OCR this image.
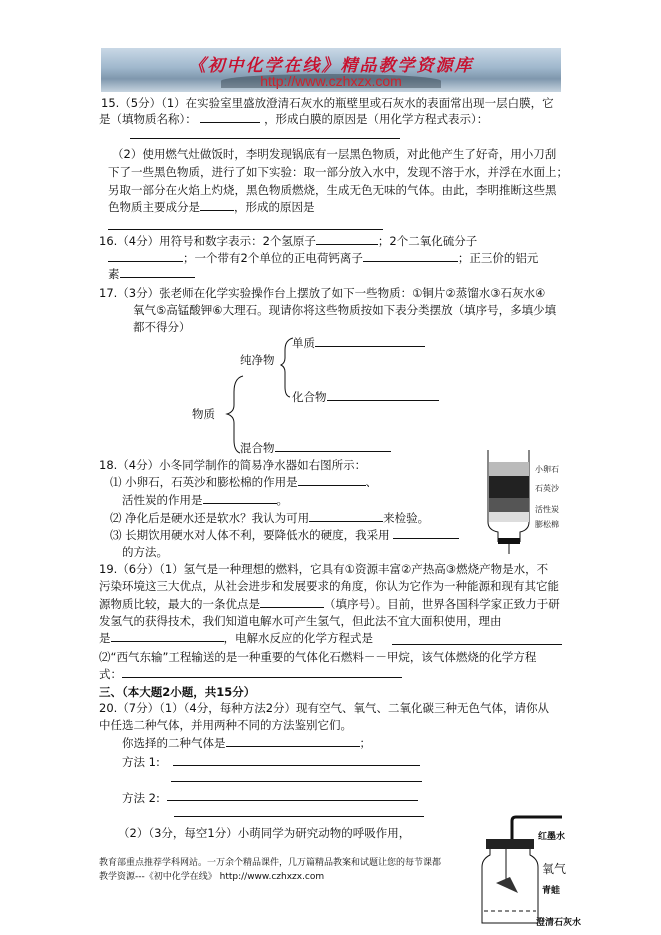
《初中化学在线》精品教学资源库
http://www.czhxzx.com
15.（5分）（1）在实验室里盛放澄清石灰水的瓶壁里或石灰水的表面常出现一层白膜，它
是（填物质名称）：	，形成白膜的原因是（用化学方程式表示）：
（2）使用燃气灶做饭时，李明发现锅底有一层黑色物质，对此他产生了好奇，用小刀刮
下了一些黑色物质，进行了如下实验：取一部分放入水中，发现不溶于水，并浮在水面上；
另取一部分在火焰上灼烧，黑色物质燃烧，生成无色无味的气体。由此，李明推断这些黑
色物质主要成分是	，形成的原因是
16.（4分）用符号和数字表示：2个氢原子	；2个二氧化硫分子
；一个带有2个单位的正电荷钙离子	；正三价的铝元
素
17.（3分）张老师在化学实验操作台上摆放了如下一些物质：①铜片②蒸馏水③石灰水④
氧气⑤高锰酸钾⑥大理石。现请你将这些物质按如下表分类摆放（填序号，多填少填
都不得分）
单质
纯净物
化合物
物质
混合物
18.（4分）小冬同学制作的简易净水器如右图所示：
⑴ 小卵石，石英沙和膨松棉的作用是	、
活性炭的作用是	。
⑵ 净化后是硬水还是软水？我认为可用	来检验。
⑶ 长期饮用硬水对人体不利，要降低水的硬度，我采用
的方法。
小卵石
石英沙
活性炭
膨松棉
19.（6分）（1）氢气是一种理想的燃料，它具有①资源丰富②产热高③燃烧产物是水，不
污染环境这三大优点，从社会进步和发展要求的角度，你认为它作为一种能源和现有其它能
源物质比较，最大的一条优点是	（填序号）。目前，世界各国科学家正致力于研
发氢气的获得技术，我们知道电解水可产生氢气，但此法不宜大面积使用，理由
是	，电解水反应的化学方程式是
⑵“西气东输”工程输送的是一种重要的气体化石燃料－－甲烷，该气体燃烧的化学方程
式：
三、（本大题2小题，共15分）
20.（7分）（1）（4分，每种方法2分）现有空气、氧气、二氧化碳三种无色气体，请你从
中任选二种气体，并用两种不同的方法鉴别它们。
你选择的二种气体是	；
方法 1:
方法 2:
（2）（3分，每空1分）小萌同学为研究动物的呼吸作用，
教育部重点推荐学科网站。一万余个精品课件，几万篇精品教案和试题让您的每节课都
教学资源---《初中化学在线》 http://www.czhxzx.com
红墨水
氧气
青蛙
澄清石灰水
